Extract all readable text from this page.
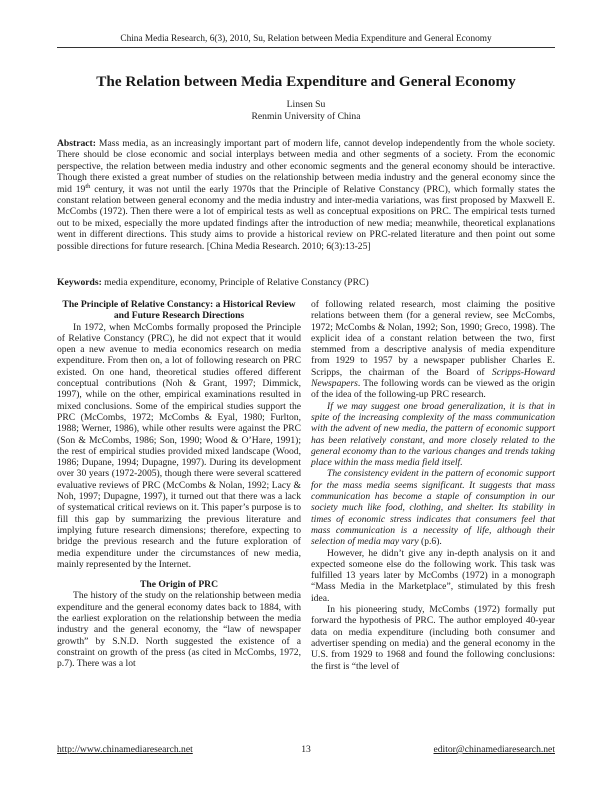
China Media Research, 6(3), 2010, Su, Relation between Media Expenditure and General Economy
The Relation between Media Expenditure and General Economy
Linsen Su
Renmin University of China

Abstract: Mass media, as an increasingly important part of modern life, cannot develop independently from the whole society. There should be close economic and social interplays between media and other segments of a society. From the economic perspective, the relation between media industry and other economic segments and the general economy should be interactive. Though there existed a great number of studies on the relationship between media industry and the general economy since the mid 19th century, it was not until the early 1970s that the Principle of Relative Constancy (PRC), which formally states the constant relation between general economy and the media industry and inter-media variations, was first proposed by Maxwell E. McCombs (1972). Then there were a lot of empirical tests as well as conceptual expositions on PRC. The empirical tests turned out to be mixed, especially the more updated findings after the introduction of new media; meanwhile, theoretical explanations went in different directions. This study aims to provide a historical review on PRC-related literature and then point out some possible directions for future research. [China Media Research. 2010; 6(3):13-25]

Keywords: media expenditure, economy, Principle of Relative Constancy (PRC)

The Principle of Relative Constancy: a Historical Review and Future Research Directions

In 1972, when McCombs formally proposed the Principle of Relative Constancy (PRC), he did not expect that it would open a new avenue to media economics research on media expenditure. From then on, a lot of following research on PRC existed. On one hand, theoretical studies offered different conceptual contributions (Noh & Grant, 1997; Dimmick, 1997), while on the other, empirical examinations resulted in mixed conclusions. Some of the empirical studies support the PRC (McCombs, 1972; McCombs & Eyal, 1980; Furlton, 1988; Werner, 1986), while other results were against the PRC (Son & McCombs, 1986; Son, 1990; Wood & O’Hare, 1991); the rest of empirical studies provided mixed landscape (Wood, 1986; Dupane, 1994; Dupagne, 1997). During its development over 30 years (1972-2005), though there were several scattered evaluative reviews of PRC (McCombs & Nolan, 1992; Lacy & Noh, 1997; Dupagne, 1997), it turned out that there was a lack of systematical critical reviews on it. This paper’s purpose is to fill this gap by summarizing the previous literature and implying future research dimensions; therefore, expecting to bridge the previous research and the future exploration of media expenditure under the circumstances of new media, mainly represented by the Internet.

The Origin of PRC

The history of the study on the relationship between media expenditure and the general economy dates back to 1884, with the earliest exploration on the relationship between the media industry and the general economy, the “law of newspaper growth” by S.N.D. North suggested the existence of a constraint on growth of the press (as cited in McCombs, 1972, p.7). There was a lot

of following related research, most claiming the positive relations between them (for a general review, see McCombs, 1972; McCombs & Nolan, 1992; Son, 1990; Greco, 1998). The explicit idea of a constant relation between the two, first stemmed from a descriptive analysis of media expenditure from 1929 to 1957 by a newspaper publisher Charles E. Scripps, the chairman of the Board of Scripps-Howard Newspapers. The following words can be viewed as the origin of the idea of the following-up PRC research.

If we may suggest one broad generalization, it is that in spite of the increasing complexity of the mass communication with the advent of new media, the pattern of economic support has been relatively constant, and more closely related to the general economy than to the various changes and trends taking place within the mass media field itself.

The consistency evident in the pattern of economic support for the mass media seems significant. It suggests that mass communication has become a staple of consumption in our society much like food, clothing, and shelter. Its stability in times of economic stress indicates that consumers feel that mass communication is a necessity of life, although their selection of media may vary (p.6).

However, he didn’t give any in-depth analysis on it and expected someone else do the following work. This task was fulfilled 13 years later by McCombs (1972) in a monograph “Mass Media in the Marketplace”, stimulated by this fresh idea.

In his pioneering study, McCombs (1972) formally put forward the hypothesis of PRC. The author employed 40-year data on media expenditure (including both consumer and advertiser spending on media) and the general economy in the U.S. from 1929 to 1968 and found the following conclusions: the first is “the level of

http://www.chinamediaresearch.net	13	editor@chinamediaresearch.net
